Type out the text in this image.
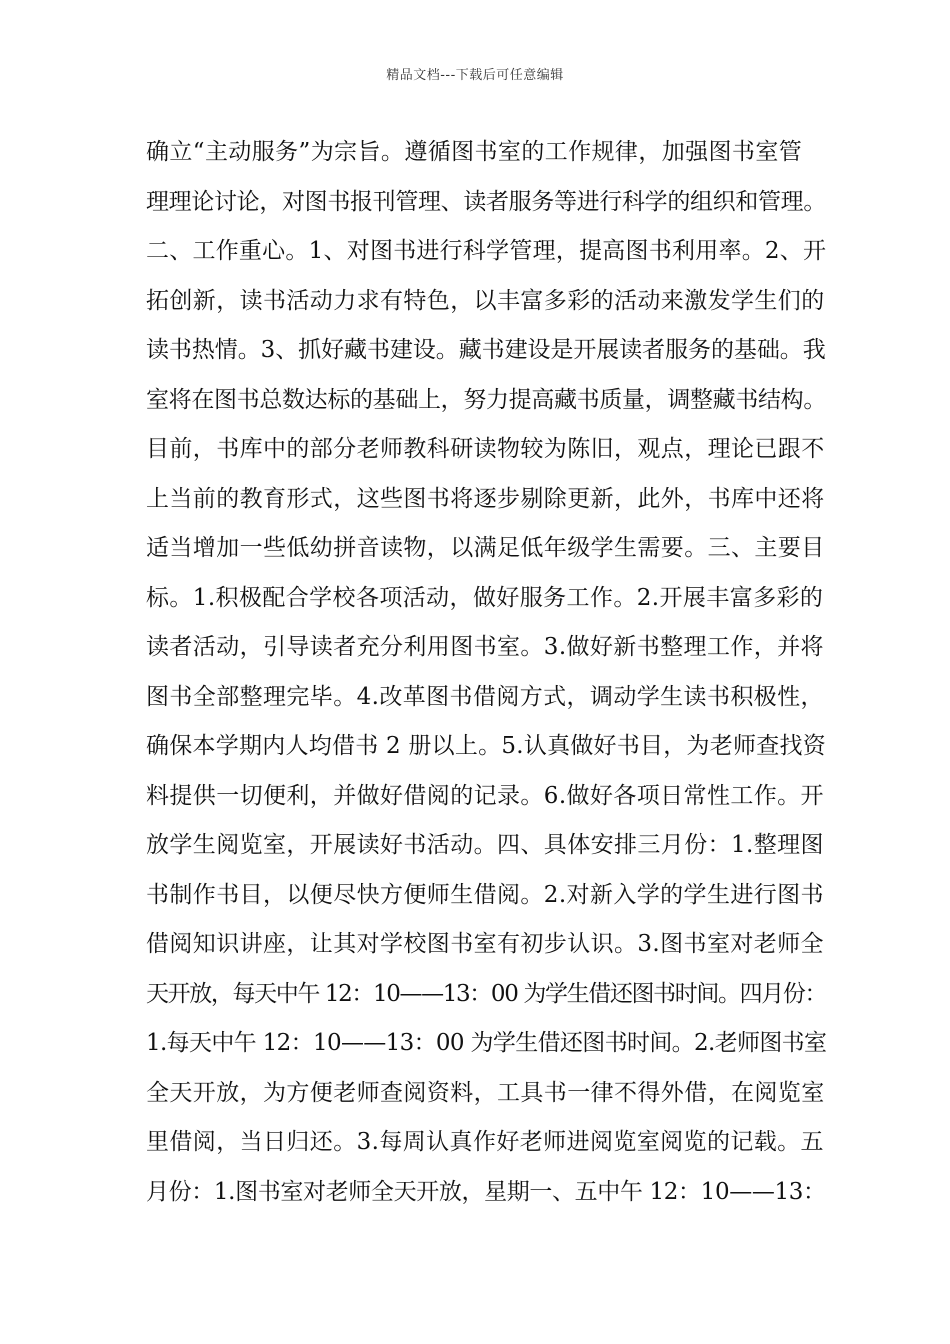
精品文档---下载后可任意编辑
确立“主动服务”为宗旨。遵循图书室的工作规律，加强图书室管
理理论讨论，对图书报刊管理、读者服务等进行科学的组织和管理。
二、工作重心。1、对图书进行科学管理，提高图书利用率。2、开
拓创新，读书活动力求有特色，以丰富多彩的活动来激发学生们的
读书热情。3、抓好藏书建设。藏书建设是开展读者服务的基础。我
室将在图书总数达标的基础上，努力提高藏书质量，调整藏书结构。
目前，书库中的部分老师教科研读物较为陈旧，观点，理论已跟不
上当前的教育形式，这些图书将逐步剔除更新，此外，书库中还将
适当增加一些低幼拼音读物，以满足低年级学生需要。三、主要目
标。1.积极配合学校各项活动，做好服务工作。2.开展丰富多彩的
读者活动，引导读者充分利用图书室。3.做好新书整理工作，并将
图书全部整理完毕。4.改革图书借阅方式，调动学生读书积极性，
确保本学期内人均借书 2 册以上。5.认真做好书目，为老师查找资
料提供一切便利，并做好借阅的记录。6.做好各项日常性工作。开
放学生阅览室，开展读好书活动。四、具体安排三月份：1.整理图
书制作书目，以便尽快方便师生借阅。2.对新入学的学生进行图书
借阅知识讲座，让其对学校图书室有初步认识。3.图书室对老师全
天开放，每天中午 12：10——13：00 为学生借还图书时间。四月份：
1.每天中午 12：10——13：00 为学生借还图书时间。2.老师图书室
全天开放，为方便老师查阅资料，工具书一律不得外借，在阅览室
里借阅，当日归还。3.每周认真作好老师进阅览室阅览的记载。五
月份：1.图书室对老师全天开放，星期一、五中午 12：10——13：
